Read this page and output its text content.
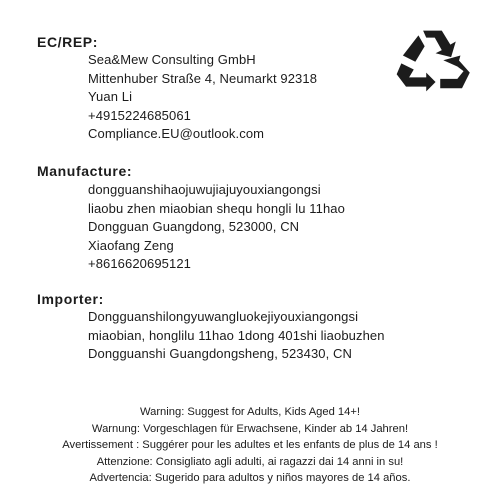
EC/REP:
Sea&Mew Consulting GmbH
Mittenhuber Straße 4, Neumarkt 92318
Yuan Li
+4915224685061
Compliance.EU@outlook.com
Manufacture:
dongguanshihaojuwujiajuyouxiangongsi
liaobu zhen miaobian shequ hongli lu 11hao
Dongguan Guangdong, 523000, CN
Xiaofang Zeng
+8616620695121
Importer:
Dongguanshilongyuwangluokejiyouxiangongsi
miaobian, honglilu 11hao 1dong 401shi liaobuzhen
Dongguanshi Guangdongsheng, 523430, CN
Warning: Suggest for Adults, Kids Aged 14+!
Warnung: Vorgeschlagen für Erwachsene, Kinder ab 14 Jahren!
Avertissement : Suggérer pour les adultes et les enfants de plus de 14 ans !
Attenzione: Consigliato agli adulti, ai ragazzi dai 14 anni in su!
Advertencia: Sugerido para adultos y niños mayores de 14 años.
